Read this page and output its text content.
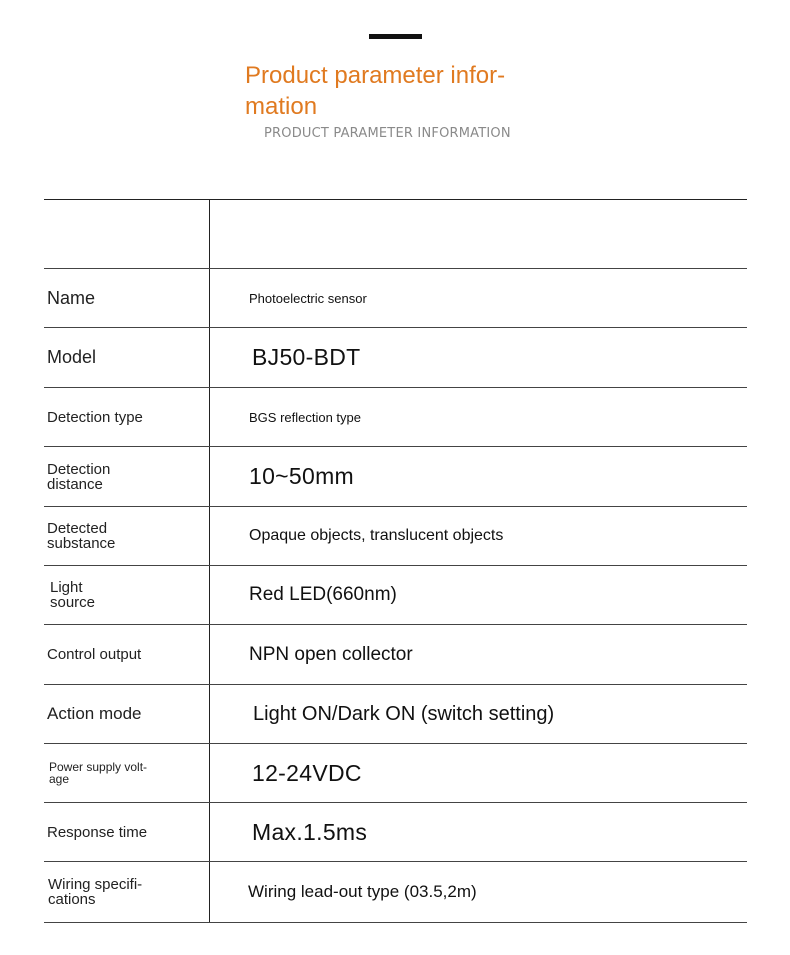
Product parameter infor-mation
PRODUCT PARAMETER INFORMATION
Name	Photoelectric sensor
Model	BJ50-BDT
Detection type	BGS reflection type
Detection distance	10~50mm
Detected substance	Opaque objects, translucent objects
Light source	Red LED(660nm)
Control output	NPN open collector
Action mode	Light ON/Dark ON (switch setting)
Power supply volt-age	12-24VDC
Response time	Max.1.5ms
Wiring specifi-cations	Wiring lead-out type (03.5,2m)
